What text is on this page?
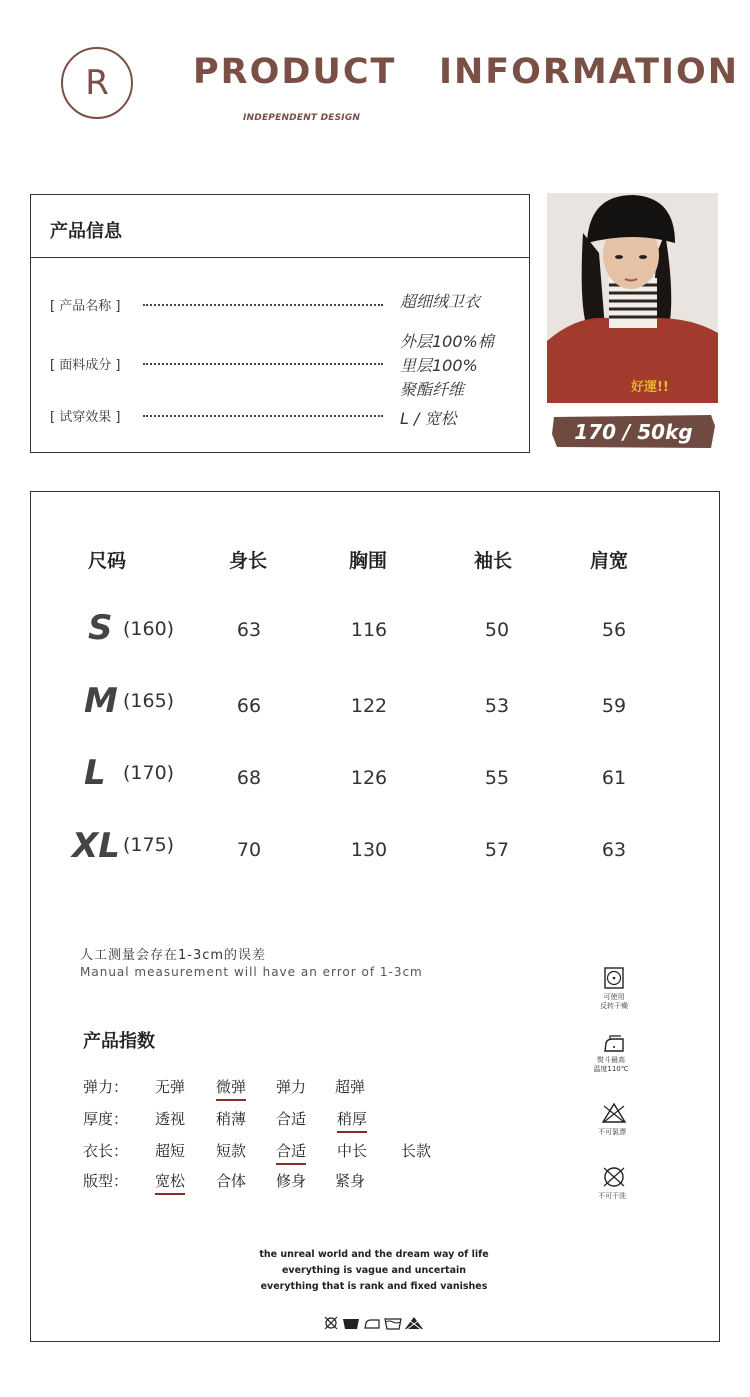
R	PRODUCT   INFORMATION
INDEPENDENT DESIGN
产品信息
[ 产品名称 ]	超细绒卫衣
[ 面料成分 ]
外层100%棉
里层100%
聚酯纤维
[ 试穿效果 ]	L / 宽松
好運!!
170 / 50kg
尺码	身长	胸围	袖长	肩宽
S (160)	63	116	50	56
M (165)	66	122	53	59
L (170)	68	126	55	61
XL (175)	70	130	57	63
人工测量会存在1-3cm的误差
Manual measurement will have an error of 1-3cm
产品指数
弹力： 无弹 微弹 弹力 超弹
厚度： 透视 稍薄 合适 稍厚
衣长： 超短 短款 合适 中长 长款
版型： 宽松 合体 修身 紧身
可使用
反转干燥
熨斗最高
温度110℃
不可氯漂
不可干洗
the unreal world and the dream way of life
everything is vague and uncertain
everything that is rank and fixed vanishes
